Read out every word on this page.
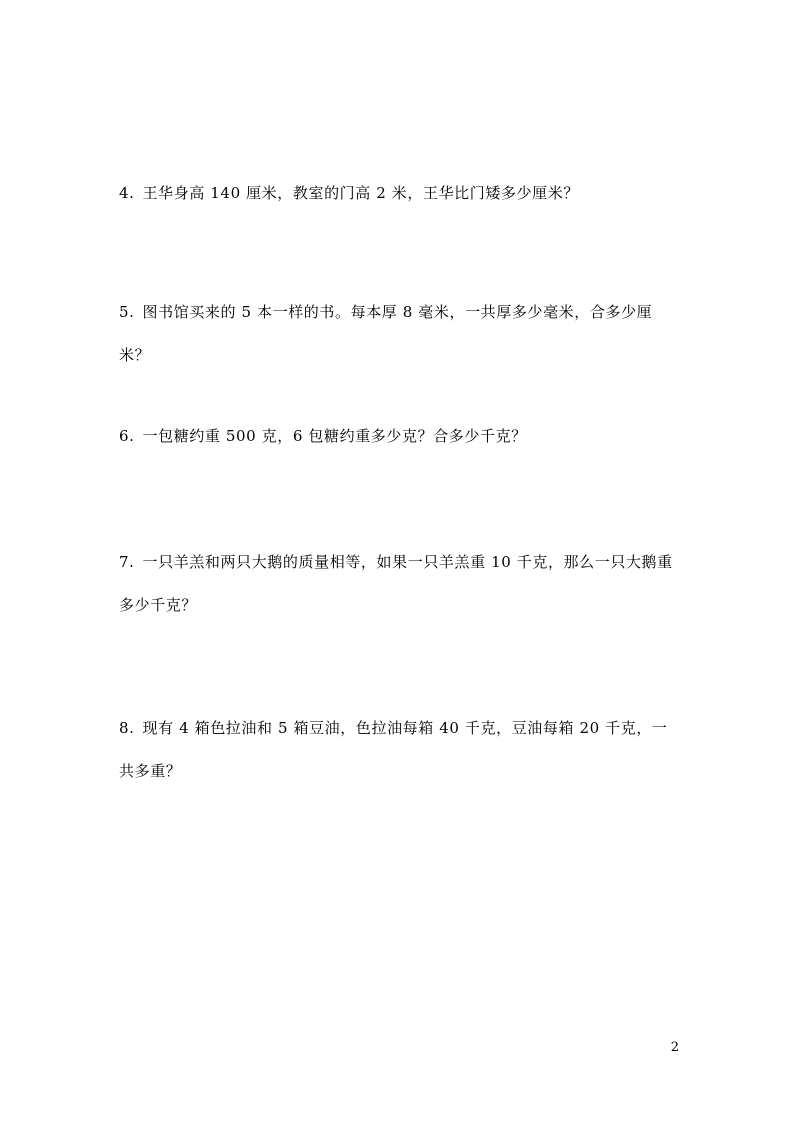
4. 王华身高 140 厘米，教室的门高 2 米，王华比门矮多少厘米？
5. 图书馆买来的 5 本一样的书。每本厚 8 毫米，一共厚多少毫米，合多少厘米？
6. 一包糖约重 500 克，6 包糖约重多少克？合多少千克？
7. 一只羊羔和两只大鹅的质量相等，如果一只羊羔重 10 千克，那么一只大鹅重多少千克？
8. 现有 4 箱色拉油和 5 箱豆油，色拉油每箱 40 千克，豆油每箱 20 千克，一共多重？
2
